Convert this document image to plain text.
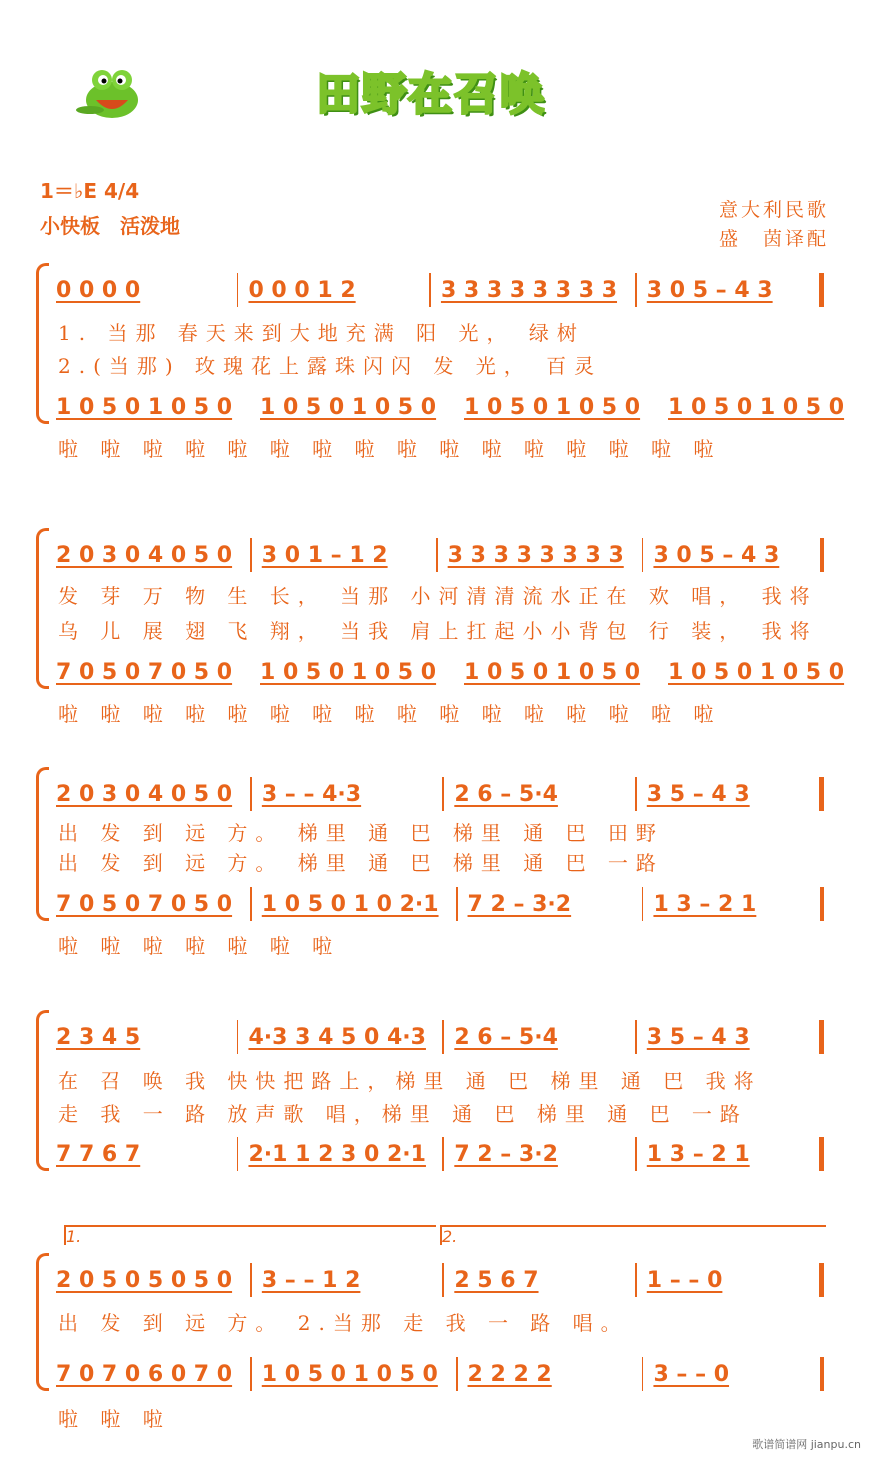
田野在召唤
1＝♭E 4/4
小快板　活泼地
意大利民歌
盛　茵译配
0 0 0 0	0 0 0 1 2	3 3 3 3 3 3 3 3 3 0 5 – 4 3
1 0 5 0 1 0 5 0 1 0 5 0 1 0 5 0 1 0 5 0 1 0 5 0 1 0 5 0 1 0 5 0
1. 当那 春天来到大地充满 阳 光， 绿树
2.(当那) 玫瑰花上露珠闪闪 发 光， 百灵
啦 啦 啦 啦 啦 啦 啦 啦 啦 啦 啦 啦 啦 啦 啦 啦
2 0 3 0 4 0 5 0 3 0 1 – 1 2	3 3 3 3 3 3 3 3 3 0 5 – 4 3
7 0 5 0 7 0 5 0 1 0 5 0 1 0 5 0 1 0 5 0 1 0 5 0 1 0 5 0 1 0 5 0
发 芽 万 物 生 长， 当那 小河清清流水正在 欢 唱， 我将
乌 儿 展 翅 飞 翔， 当我 肩上扛起小小背包 行 装， 我将
啦 啦 啦 啦 啦 啦 啦 啦 啦 啦 啦 啦 啦 啦 啦 啦
2 0 3 0 4 0 5 0 3 – – 4·3	2 6 – 5·4	3 5 – 4 3
7 0 5 0 7 0 5 0 1 0 5 0 1 0 2·1 7 2 – 3·2	1 3 – 2 1
出 发 到 远 方。 梯里 通 巴 梯里 通 巴 田野
出 发 到 远 方。 梯里 通 巴 梯里 通 巴 一路
啦 啦 啦 啦 啦 啦 啦
2 3 4 5	4·3 3 4 5 0 4·3 2 6 – 5·4	3 5 – 4 3
7 7 6 7	2·1 1 2 3 0 2·1 7 2 – 3·2	1 3 – 2 1
在 召 唤 我 快快把路上，梯里 通 巴 梯里 通 巴 我将
走 我 一 路 放声歌 唱，梯里 通 巴 梯里 通 巴 一路
2 0 5 0 5 0 5 0 3 – – 1 2	2 5 6 7	1 – – 0
7 0 7 0 6 0 7 0 1 0 5 0 1 0 5 0 2 2 2 2	3 – – 0
出 发 到 远 方。 2.当那 走 我 一 路 唱。
啦 啦 啦
1.	2.
歌谱简谱网 jianpu.cn
